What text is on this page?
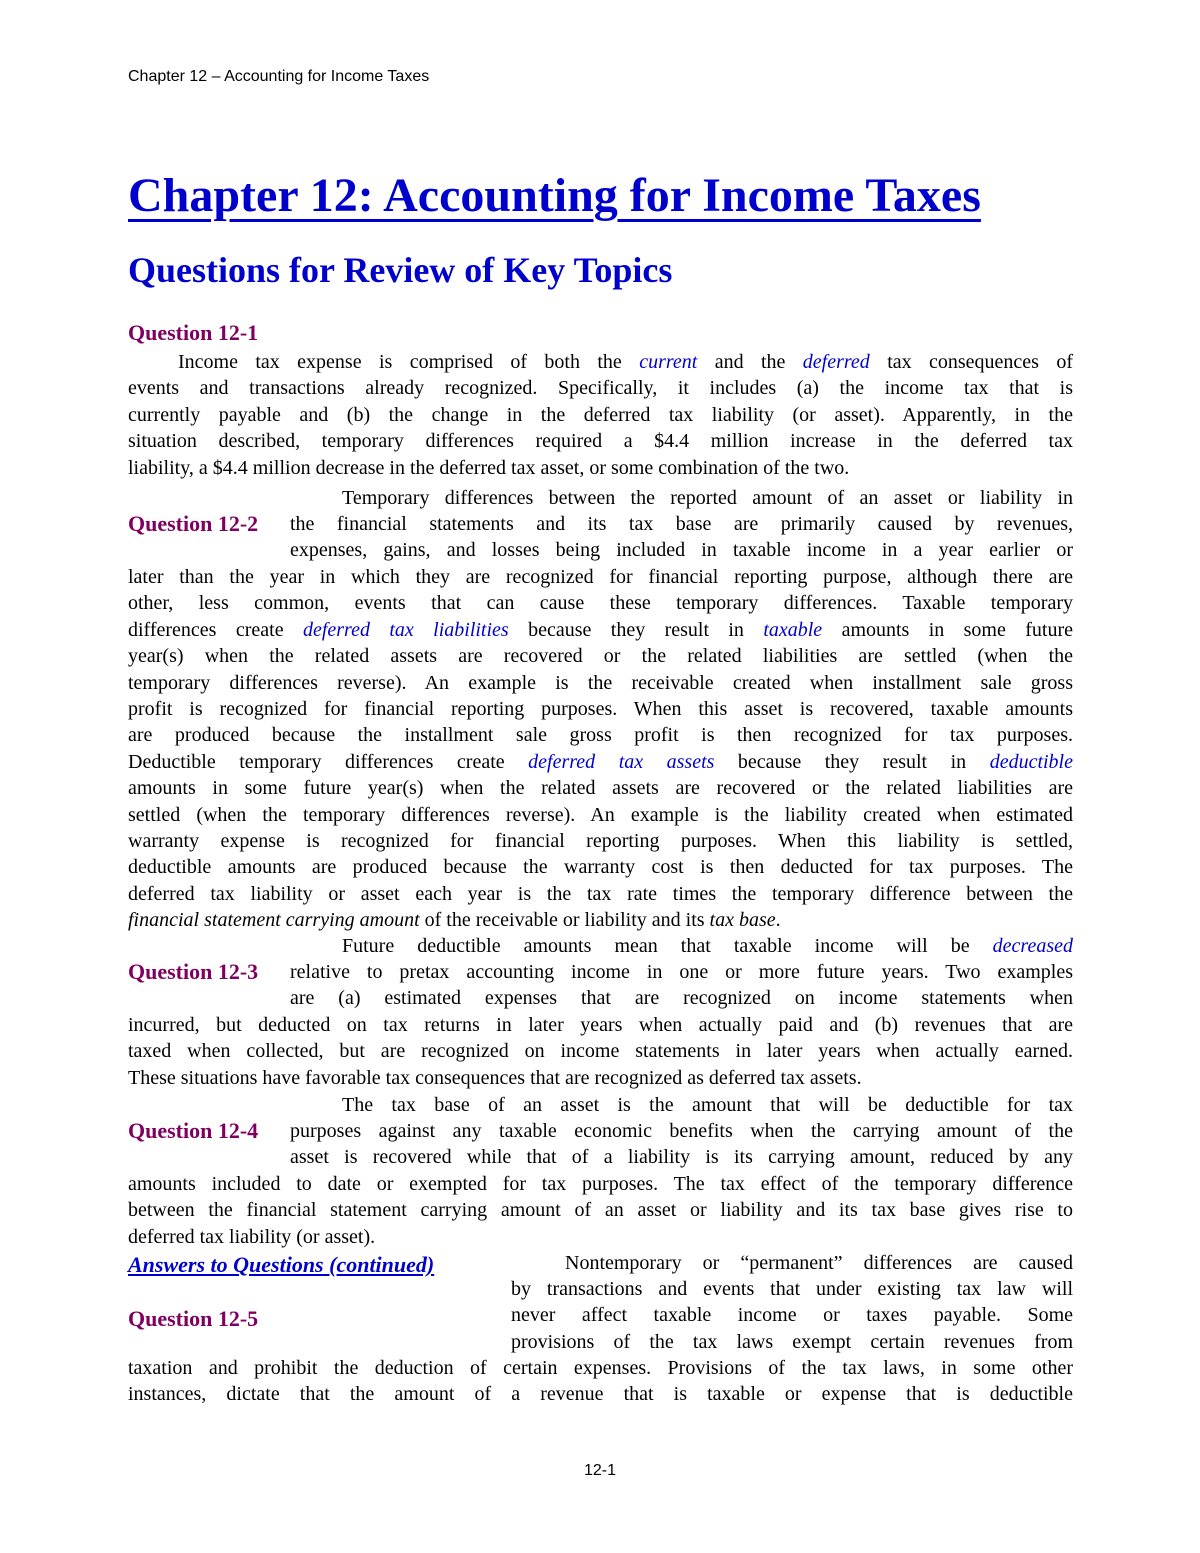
Chapter 12 – Accounting for Income Taxes
Chapter 12: Accounting for Income Taxes
Questions for Review of Key Topics
Question 12-1
Income tax expense is comprised of both the current and the deferred tax consequences of
events and transactions already recognized. Specifically, it includes (a) the income tax that is
currently payable and (b) the change in the deferred tax liability (or asset). Apparently, in the
situation described, temporary differences required a $4.4 million increase in the deferred tax
liability, a $4.4 million decrease in the deferred tax asset, or some combination of the two.
Question 12-2
Temporary differences between the reported amount of an asset or liability in
the financial statements and its tax base are primarily caused by revenues,
expenses, gains, and losses being included in taxable income in a year earlier or
later than the year in which they are recognized for financial reporting purpose, although there are
other, less common, events that can cause these temporary differences. Taxable temporary
differences create deferred tax liabilities because they result in taxable amounts in some future
year(s) when the related assets are recovered or the related liabilities are settled (when the
temporary differences reverse). An example is the receivable created when installment sale gross
profit is recognized for financial reporting purposes. When this asset is recovered, taxable amounts
are produced because the installment sale gross profit is then recognized for tax purposes.
Deductible temporary differences create deferred tax assets because they result in deductible
amounts in some future year(s) when the related assets are recovered or the related liabilities are
settled (when the temporary differences reverse). An example is the liability created when estimated
warranty expense is recognized for financial reporting purposes. When this liability is settled,
deductible amounts are produced because the warranty cost is then deducted for tax purposes. The
deferred tax liability or asset each year is the tax rate times the temporary difference between the
financial statement carrying amount of the receivable or liability and its tax base.
Question 12-3
Future deductible amounts mean that taxable income will be decreased
relative to pretax accounting income in one or more future years. Two examples
are (a) estimated expenses that are recognized on income statements when
incurred, but deducted on tax returns in later years when actually paid and (b) revenues that are
taxed when collected, but are recognized on income statements in later years when actually earned.
These situations have favorable tax consequences that are recognized as deferred tax assets.
Question 12-4
The tax base of an asset is the amount that will be deductible for tax
purposes against any taxable economic benefits when the carrying amount of the
asset is recovered while that of a liability is its carrying amount, reduced by any
amounts included to date or exempted for tax purposes. The tax effect of the temporary difference
between the financial statement carrying amount of an asset or liability and its tax base gives rise to
deferred tax liability (or asset).
Answers to Questions (continued)
Question 12-5
Nontemporary or “permanent” differences are caused
by transactions and events that under existing tax law will
never affect taxable income or taxes payable. Some
provisions of the tax laws exempt certain revenues from
taxation and prohibit the deduction of certain expenses. Provisions of the tax laws, in some other
instances, dictate that the amount of a revenue that is taxable or expense that is deductible
12-1
